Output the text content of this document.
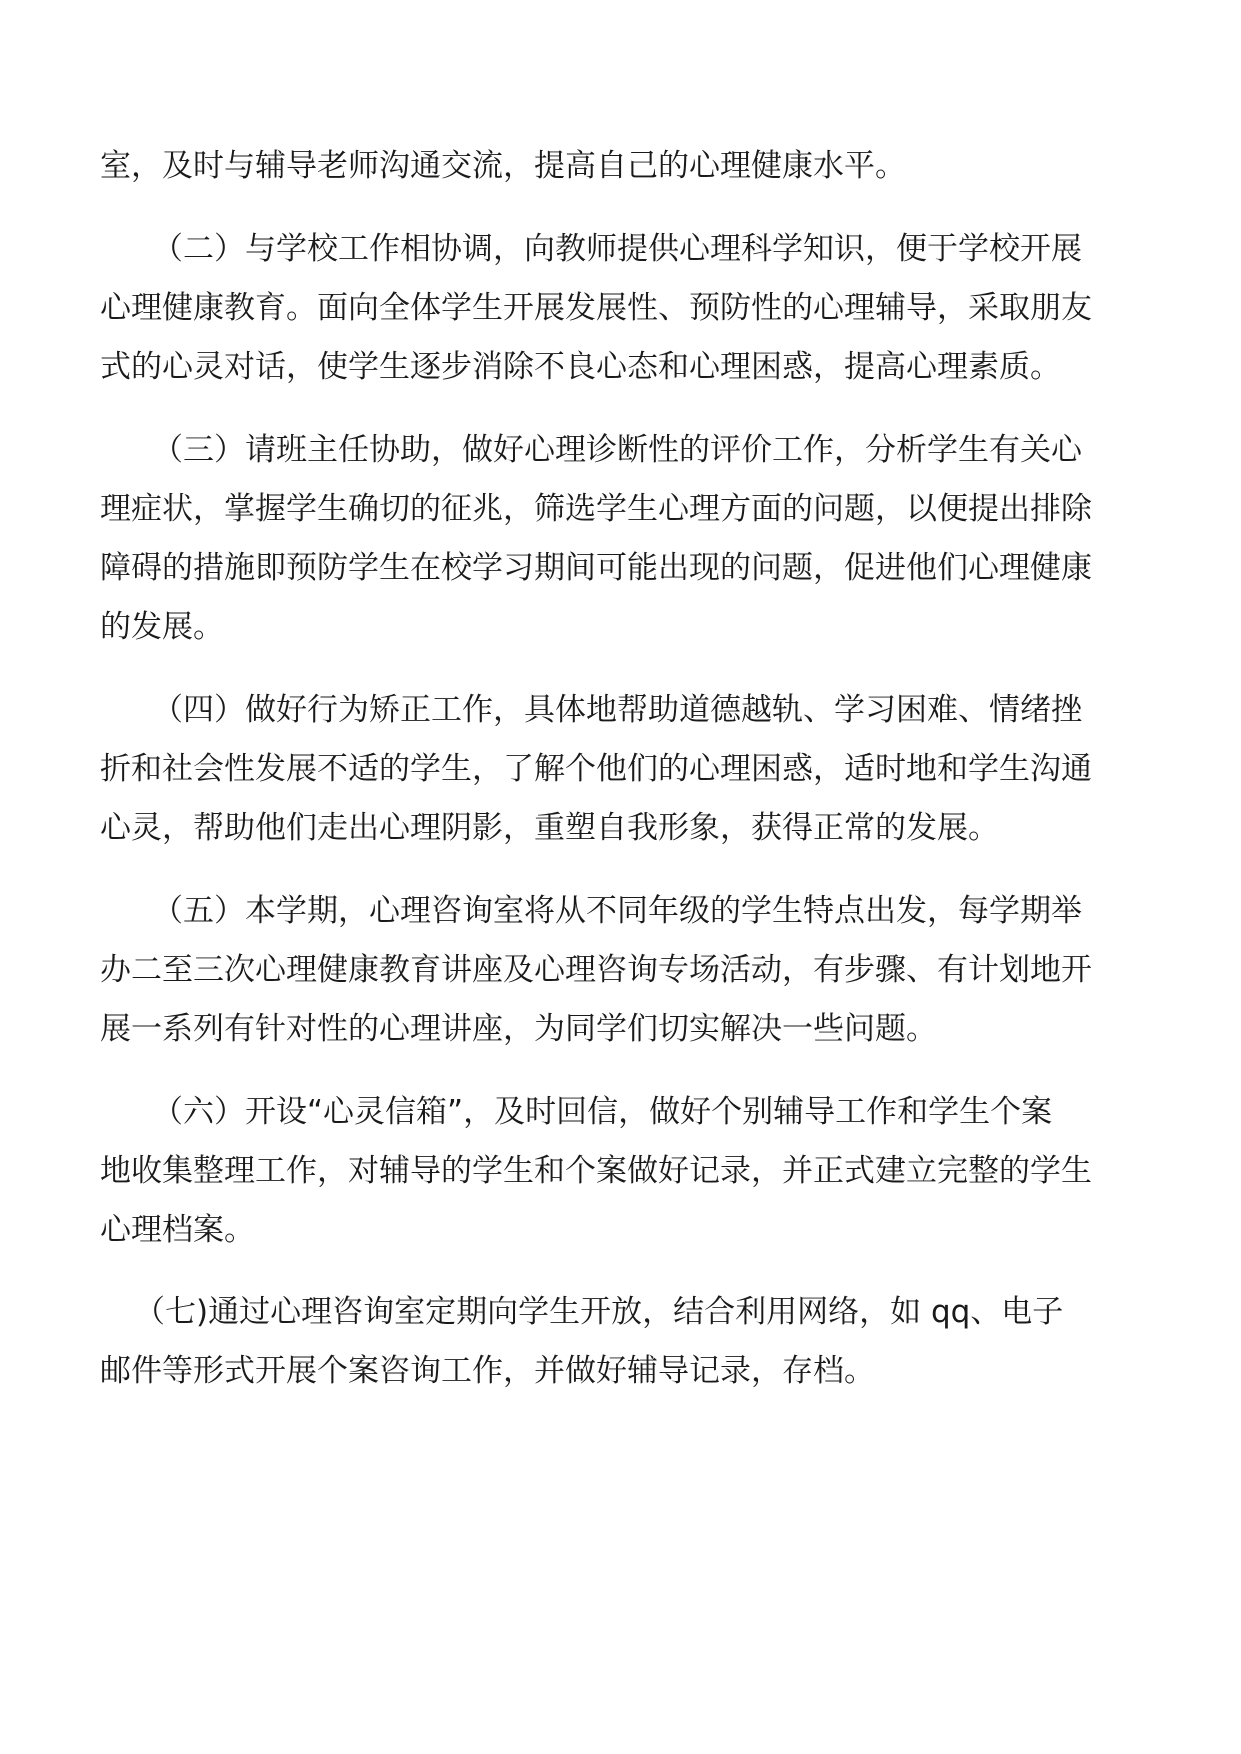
室，及时与辅导老师沟通交流，提高自己的心理健康水平。
（二）与学校工作相协调，向教师提供心理科学知识，便于学校开展
心理健康教育。面向全体学生开展发展性、预防性的心理辅导，采取朋友
式的心灵对话，使学生逐步消除不良心态和心理困惑，提高心理素质。
（三）请班主任协助，做好心理诊断性的评价工作，分析学生有关心
理症状，掌握学生确切的征兆，筛选学生心理方面的问题，以便提出排除
障碍的措施即预防学生在校学习期间可能出现的问题，促进他们心理健康
的发展。
（四）做好行为矫正工作，具体地帮助道德越轨、学习困难、情绪挫
折和社会性发展不适的学生，了解个他们的心理困惑，适时地和学生沟通
心灵，帮助他们走出心理阴影，重塑自我形象，获得正常的发展。
（五）本学期，心理咨询室将从不同年级的学生特点出发，每学期举
办二至三次心理健康教育讲座及心理咨询专场活动，有步骤、有计划地开
展一系列有针对性的心理讲座，为同学们切实解决一些问题。
（六）开设“心灵信箱”，及时回信，做好个别辅导工作和学生个案
地收集整理工作，对辅导的学生和个案做好记录，并正式建立完整的学生
心理档案。
（七)通过心理咨询室定期向学生开放，结合利用网络，如 qq、电子
邮件等形式开展个案咨询工作，并做好辅导记录，存档。
